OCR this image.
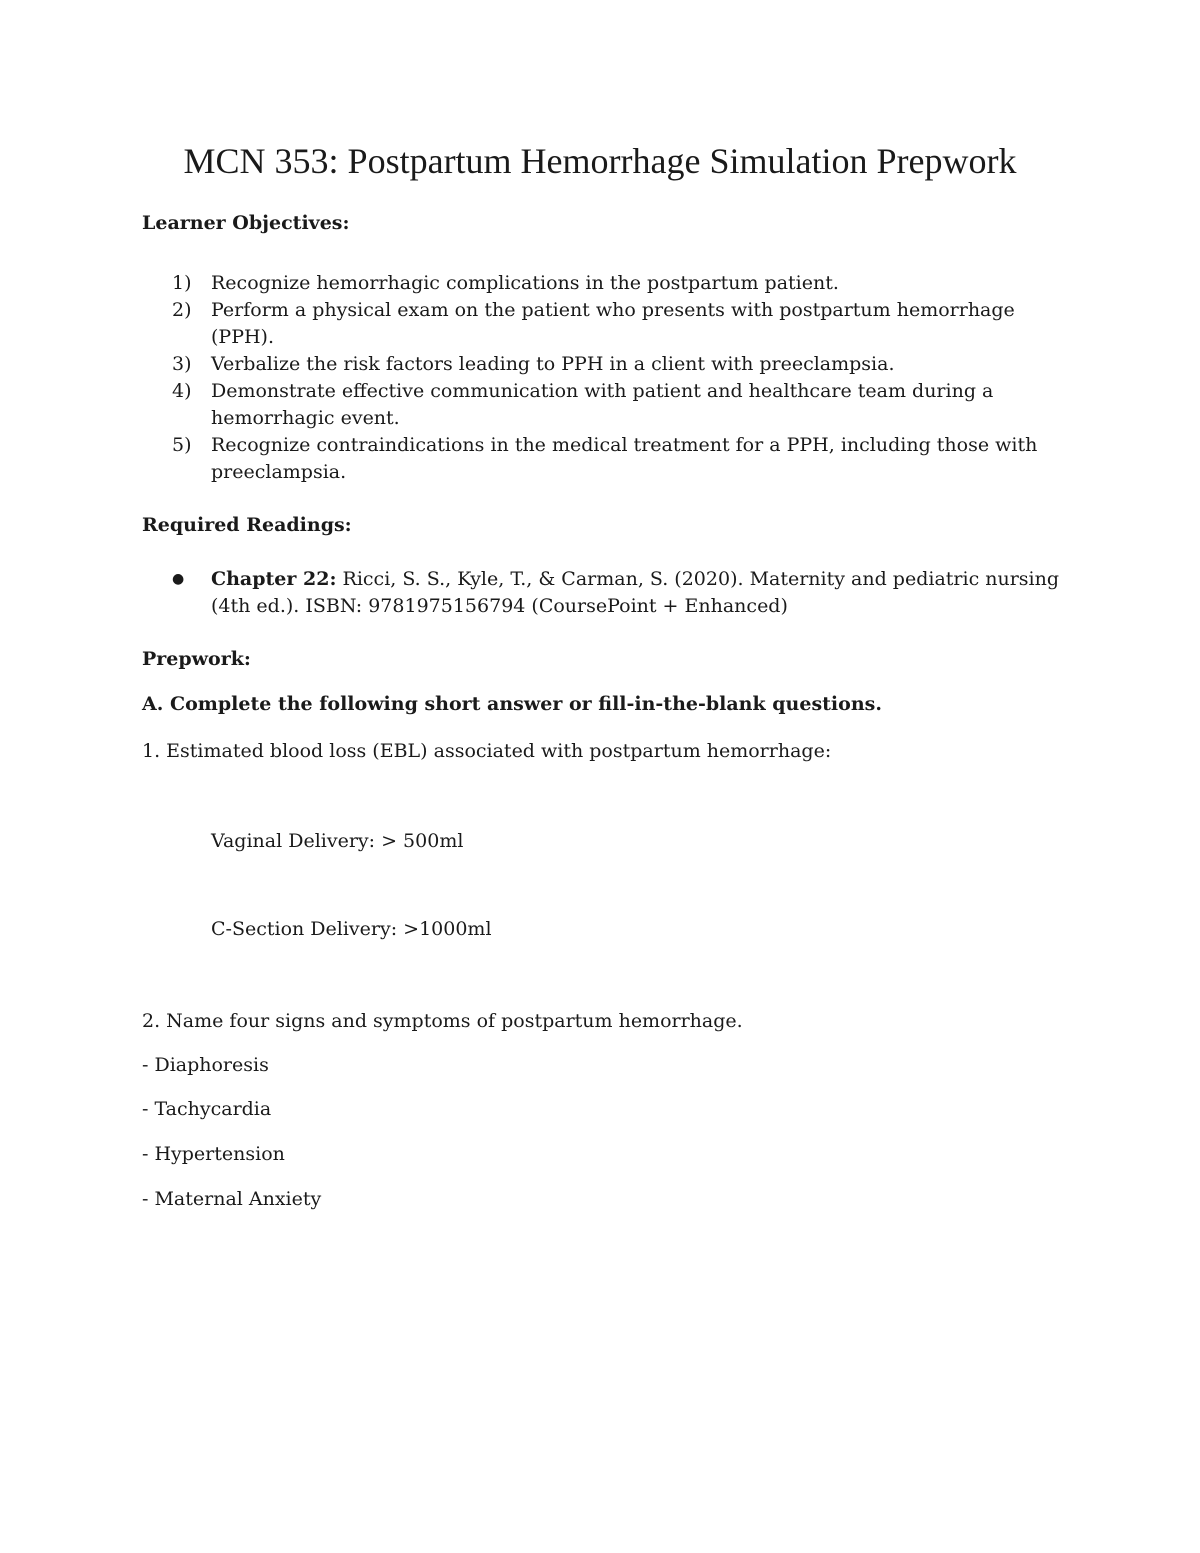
MCN 353: Postpartum Hemorrhage Simulation Prepwork

Learner Objectives:

1) Recognize hemorrhagic complications in the postpartum patient.
2) Perform a physical exam on the patient who presents with postpartum hemorrhage (PPH).
3) Verbalize the risk factors leading to PPH in a client with preeclampsia.
4) Demonstrate effective communication with patient and healthcare team during a hemorrhagic event.
5) Recognize contraindications in the medical treatment for a PPH, including those with preeclampsia.

Required Readings:

● Chapter 22: Ricci, S. S., Kyle, T., & Carman, S. (2020). Maternity and pediatric nursing (4th ed.). ISBN: 9781975156794 (CoursePoint + Enhanced)

Prepwork:

A. Complete the following short answer or fill-in-the-blank questions.

1. Estimated blood loss (EBL) associated with postpartum hemorrhage:

Vaginal Delivery: > 500ml

C-Section Delivery: >1000ml

2. Name four signs and symptoms of postpartum hemorrhage.

- Diaphoresis

- Tachycardia

- Hypertension

- Maternal Anxiety
